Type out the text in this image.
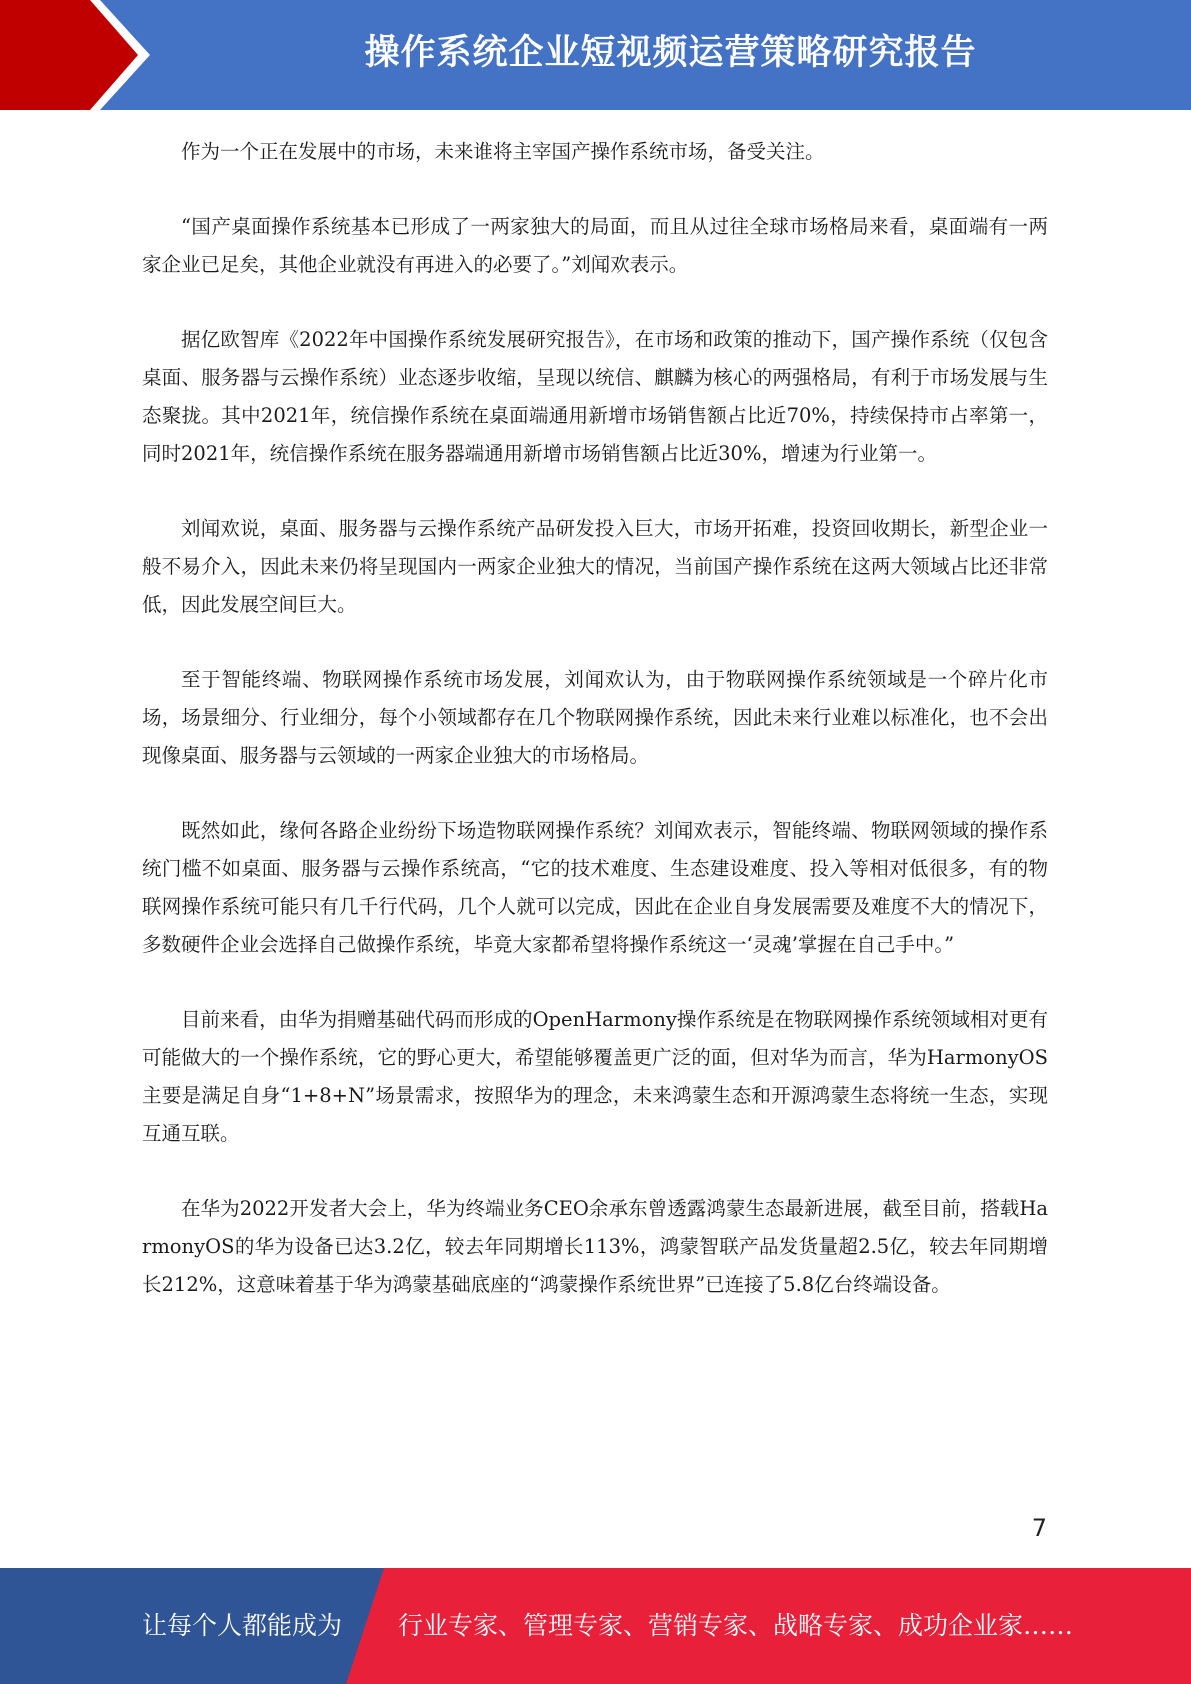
操作系统企业短视频运营策略研究报告

作为一个正在发展中的市场，未来谁将主宰国产操作系统市场，备受关注。

“国产桌面操作系统基本已形成了一两家独大的局面，而且从过往全球市场格局来看，桌面端有一两家企业已足矣，其他企业就没有再进入的必要了。”刘闻欢表示。

据亿欧智库《2022年中国操作系统发展研究报告》，在市场和政策的推动下，国产操作系统（仅包含桌面、服务器与云操作系统）业态逐步收缩，呈现以统信、麒麟为核心的两强格局，有利于市场发展与生态聚拢。其中2021年，统信操作系统在桌面端通用新增市场销售额占比近70%，持续保持市占率第一，同时2021年，统信操作系统在服务器端通用新增市场销售额占比近30%，增速为行业第一。

刘闻欢说，桌面、服务器与云操作系统产品研发投入巨大，市场开拓难，投资回收期长，新型企业一般不易介入，因此未来仍将呈现国内一两家企业独大的情况，当前国产操作系统在这两大领域占比还非常低，因此发展空间巨大。

至于智能终端、物联网操作系统市场发展，刘闻欢认为，由于物联网操作系统领域是一个碎片化市场，场景细分、行业细分，每个小领域都存在几个物联网操作系统，因此未来行业难以标准化，也不会出现像桌面、服务器与云领域的一两家企业独大的市场格局。

既然如此，缘何各路企业纷纷下场造物联网操作系统？刘闻欢表示，智能终端、物联网领域的操作系统门槛不如桌面、服务器与云操作系统高，“它的技术难度、生态建设难度、投入等相对低很多，有的物联网操作系统可能只有几千行代码，几个人就可以完成，因此在企业自身发展需要及难度不大的情况下，多数硬件企业会选择自己做操作系统，毕竟大家都希望将操作系统这一‘灵魂’掌握在自己手中。”

目前来看，由华为捐赠基础代码而形成的OpenHarmony操作系统是在物联网操作系统领域相对更有可能做大的一个操作系统，它的野心更大，希望能够覆盖更广泛的面，但对华为而言，华为HarmonyOS主要是满足自身“1+8+N”场景需求，按照华为的理念，未来鸿蒙生态和开源鸿蒙生态将统一生态，实现互通互联。

在华为2022开发者大会上，华为终端业务CEO余承东曾透露鸿蒙生态最新进展，截至目前，搭载HarmonyOS的华为设备已达3.2亿，较去年同期增长113%，鸿蒙智联产品发货量超2.5亿，较去年同期增长212%，这意味着基于华为鸿蒙基础底座的“鸿蒙操作系统世界”已连接了5.8亿台终端设备。

7
让每个人都能成为 行业专家、管理专家、营销专家、战略专家、成功企业家……
